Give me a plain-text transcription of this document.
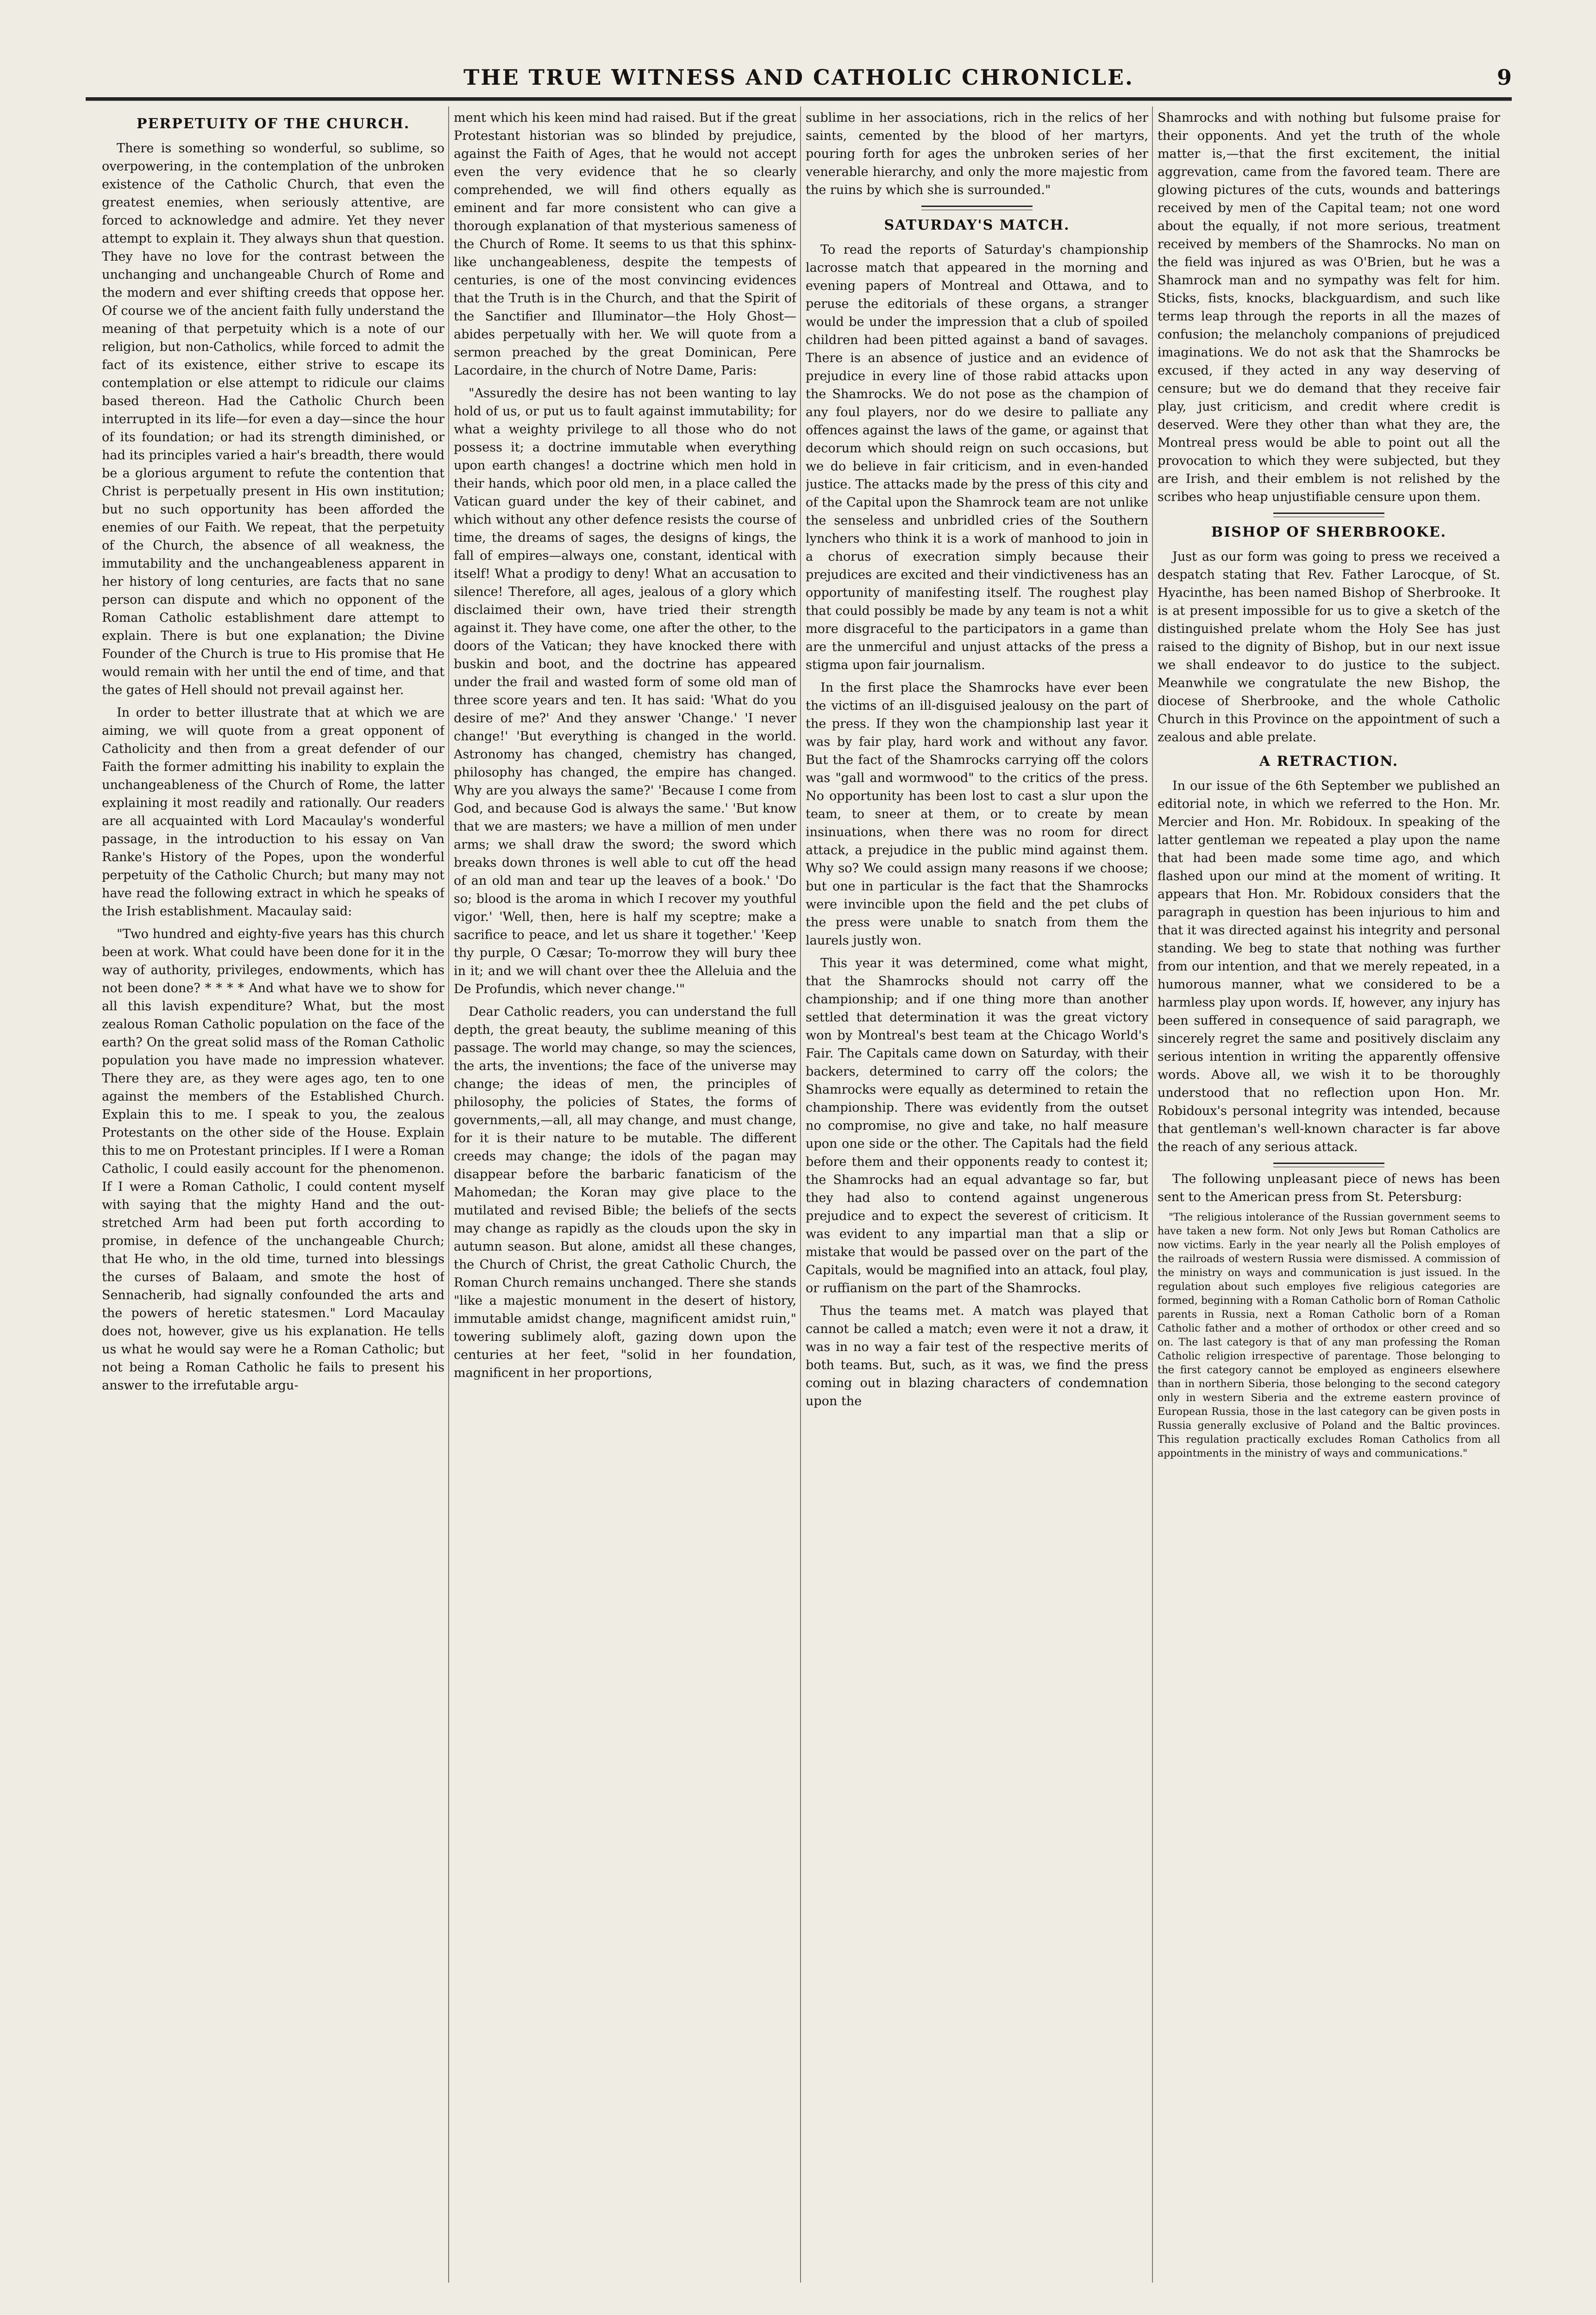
THE TRUE WITNESS AND CATHOLIC CHRONICLE.	9
PERPETUITY OF THE CHURCH.

There is something so wonderful, so sublime, so overpowering, in the contemplation of the unbroken existence of the Catholic Church, that even the greatest enemies, when seriously attentive, are forced to acknowledge and admire. Yet they never attempt to explain it. They always shun that question. They have no love for the contrast between the unchanging and unchangeable Church of Rome and the modern and ever shifting creeds that oppose her. Of course we of the ancient faith fully understand the meaning of that perpetuity which is a note of our religion, but non-Catholics, while forced to admit the fact of its existence, either strive to escape its contemplation or else attempt to ridicule our claims based thereon. Had the Catholic Church been interrupted in its life—for even a day—since the hour of its foundation; or had its strength diminished, or had its principles varied a hair's breadth, there would be a glorious argument to refute the contention that Christ is perpetually present in His own institution; but no such opportunity has been afforded the enemies of our Faith. We repeat, that the perpetuity of the Church, the absence of all weakness, the immutability and the unchangeableness apparent in her history of long centuries, are facts that no sane person can dispute and which no opponent of the Roman Catholic establishment dare attempt to explain. There is but one explanation; the Divine Founder of the Church is true to His promise that He would remain with her until the end of time, and that the gates of Hell should not prevail against her.

In order to better illustrate that at which we are aiming, we will quote from a great opponent of Catholicity and then from a great defender of our Faith the former admitting his inability to explain the unchangeableness of the Church of Rome, the latter explaining it most readily and rationally. Our readers are all acquainted with Lord Macaulay's wonderful passage, in the introduction to his essay on Van Ranke's History of the Popes, upon the wonderful perpetuity of the Catholic Church; but many may not have read the following extract in which he speaks of the Irish establishment. Macaulay said:

"Two hundred and eighty-five years has this church been at work. What could have been done for it in the way of authority, privileges, endowments, which has not been done? * * * * And what have we to show for all this lavish expenditure? What, but the most zealous Roman Catholic population on the face of the earth? On the great solid mass of the Roman Catholic population you have made no impression whatever. There they are, as they were ages ago, ten to one against the members of the Established Church. Explain this to me. I speak to you, the zealous Protestants on the other side of the House. Explain this to me on Protestant principles. If I were a Roman Catholic, I could easily account for the phenomenon. If I were a Roman Catholic, I could content myself with saying that the mighty Hand and the out-stretched Arm had been put forth according to promise, in defence of the unchangeable Church; that He who, in the old time, turned into blessings the curses of Balaam, and smote the host of Sennacherib, had signally confounded the arts and the powers of heretic statesmen." Lord Macaulay does not, however, give us his explanation. He tells us what he would say were he a Roman Catholic; but not being a Roman Catholic he fails to present his answer to the irrefutable argu-

ment which his keen mind had raised. But if the great Protestant historian was so blinded by prejudice, against the Faith of Ages, that he would not accept even the very evidence that he so clearly comprehended, we will find others equally as eminent and far more consistent who can give a thorough explanation of that mysterious sameness of the Church of Rome. It seems to us that this sphinx-like unchangeableness, despite the tempests of centuries, is one of the most convincing evidences that the Truth is in the Church, and that the Spirit of the Sanctifier and Illuminator—the Holy Ghost—abides perpetually with her. We will quote from a sermon preached by the great Dominican, Pere Lacordaire, in the church of Notre Dame, Paris:

"Assuredly the desire has not been wanting to lay hold of us, or put us to fault against immutability; for what a weighty privilege to all those who do not possess it; a doctrine immutable when everything upon earth changes! a doctrine which men hold in their hands, which poor old men, in a place called the Vatican guard under the key of their cabinet, and which without any other defence resists the course of time, the dreams of sages, the designs of kings, the fall of empires—always one, constant, identical with itself! What a prodigy to deny! What an accusation to silence! Therefore, all ages, jealous of a glory which disclaimed their own, have tried their strength against it. They have come, one after the other, to the doors of the Vatican; they have knocked there with buskin and boot, and the doctrine has appeared under the frail and wasted form of some old man of three score years and ten. It has said: 'What do you desire of me?' And they answer 'Change.' 'I never change!' 'But everything is changed in the world. Astronomy has changed, chemistry has changed, philosophy has changed, the empire has changed. Why are you always the same?' 'Because I come from God, and because God is always the same.' 'But know that we are masters; we have a million of men under arms; we shall draw the sword; the sword which breaks down thrones is well able to cut off the head of an old man and tear up the leaves of a book.' 'Do so; blood is the aroma in which I recover my youthful vigor.' 'Well, then, here is half my sceptre; make a sacrifice to peace, and let us share it together.' 'Keep thy purple, O Cæsar; To-morrow they will bury thee in it; and we will chant over thee the Alleluia and the De Profundis, which never change.'"

Dear Catholic readers, you can understand the full depth, the great beauty, the sublime meaning of this passage. The world may change, so may the sciences, the arts, the inventions; the face of the universe may change; the ideas of men, the principles of philosophy, the policies of States, the forms of governments,—all, all may change, and must change, for it is their nature to be mutable. The different creeds may change; the idols of the pagan may disappear before the barbaric fanaticism of the Mahomedan; the Koran may give place to the mutilated and revised Bible; the beliefs of the sects may change as rapidly as the clouds upon the sky in autumn season. But alone, amidst all these changes, the Church of Christ, the great Catholic Church, the Roman Church remains unchanged. There she stands "like a majestic monument in the desert of history, immutable amidst change, magnificent amidst ruin," towering sublimely aloft, gazing down upon the centuries at her feet, "solid in her foundation, magnificent in her proportions,

sublime in her associations, rich in the relics of her saints, cemented by the blood of her martyrs, pouring forth for ages the unbroken series of her venerable hierarchy, and only the more majestic from the ruins by which she is surrounded."

SATURDAY'S MATCH.

To read the reports of Saturday's championship lacrosse match that appeared in the morning and evening papers of Montreal and Ottawa, and to peruse the editorials of these organs, a stranger would be under the impression that a club of spoiled children had been pitted against a band of savages. There is an absence of justice and an evidence of prejudice in every line of those rabid attacks upon the Shamrocks. We do not pose as the champion of any foul players, nor do we desire to palliate any offences against the laws of the game, or against that decorum which should reign on such occasions, but we do believe in fair criticism, and in even-handed justice. The attacks made by the press of this city and of the Capital upon the Shamrock team are not unlike the senseless and unbridled cries of the Southern lynchers who think it is a work of manhood to join in a chorus of execration simply because their prejudices are excited and their vindictiveness has an opportunity of manifesting itself. The roughest play that could possibly be made by any team is not a whit more disgraceful to the participators in a game than are the unmerciful and unjust attacks of the press a stigma upon fair journalism.

In the first place the Shamrocks have ever been the victims of an ill-disguised jealousy on the part of the press. If they won the championship last year it was by fair play, hard work and without any favor. But the fact of the Shamrocks carrying off the colors was "gall and wormwood" to the critics of the press. No opportunity has been lost to cast a slur upon the team, to sneer at them, or to create by mean insinuations, when there was no room for direct attack, a prejudice in the public mind against them. Why so? We could assign many reasons if we choose; but one in particular is the fact that the Shamrocks were invincible upon the field and the pet clubs of the press were unable to snatch from them the laurels justly won.

This year it was determined, come what might, that the Shamrocks should not carry off the championship; and if one thing more than another settled that determination it was the great victory won by Montreal's best team at the Chicago World's Fair. The Capitals came down on Saturday, with their backers, determined to carry off the colors; the Shamrocks were equally as determined to retain the championship. There was evidently from the outset no compromise, no give and take, no half measure upon one side or the other. The Capitals had the field before them and their opponents ready to contest it; the Shamrocks had an equal advantage so far, but they had also to contend against ungenerous prejudice and to expect the severest of criticism. It was evident to any impartial man that a slip or mistake that would be passed over on the part of the Capitals, would be magnified into an attack, foul play, or ruffianism on the part of the Shamrocks.

Thus the teams met. A match was played that cannot be called a match; even were it not a draw, it was in no way a fair test of the respective merits of both teams. But, such, as it was, we find the press coming out in blazing characters of condemnation upon the

Shamrocks and with nothing but fulsome praise for their opponents. And yet the truth of the whole matter is,—that the first excitement, the initial aggrevation, came from the favored team. There are glowing pictures of the cuts, wounds and batterings received by men of the Capital team; not one word about the equally, if not more serious, treatment received by members of the Shamrocks. No man on the field was injured as was O'Brien, but he was a Shamrock man and no sympathy was felt for him. Sticks, fists, knocks, blackguardism, and such like terms leap through the reports in all the mazes of confusion; the melancholy companions of prejudiced imaginations. We do not ask that the Shamrocks be excused, if they acted in any way deserving of censure; but we do demand that they receive fair play, just criticism, and credit where credit is deserved. Were they other than what they are, the Montreal press would be able to point out all the provocation to which they were subjected, but they are Irish, and their emblem is not relished by the scribes who heap unjustifiable censure upon them.

BISHOP OF SHERBROOKE.

Just as our form was going to press we received a despatch stating that Rev. Father Larocque, of St. Hyacinthe, has been named Bishop of Sherbrooke. It is at present impossible for us to give a sketch of the distinguished prelate whom the Holy See has just raised to the dignity of Bishop, but in our next issue we shall endeavor to do justice to the subject. Meanwhile we congratulate the new Bishop, the diocese of Sherbrooke, and the whole Catholic Church in this Province on the appointment of such a zealous and able prelate.

A RETRACTION.

In our issue of the 6th September we published an editorial note, in which we referred to the Hon. Mr. Mercier and Hon. Mr. Robidoux. In speaking of the latter gentleman we repeated a play upon the name that had been made some time ago, and which flashed upon our mind at the moment of writing. It appears that Hon. Mr. Robidoux considers that the paragraph in question has been injurious to him and that it was directed against his integrity and personal standing. We beg to state that nothing was further from our intention, and that we merely repeated, in a humorous manner, what we considered to be a harmless play upon words. If, however, any injury has been suffered in consequence of said paragraph, we sincerely regret the same and positively disclaim any serious intention in writing the apparently offensive words. Above all, we wish it to be thoroughly understood that no reflection upon Hon. Mr. Robidoux's personal integrity was intended, because that gentleman's well-known character is far above the reach of any serious attack.

The following unpleasant piece of news has been sent to the American press from St. Petersburg:

"The religious intolerance of the Russian government seems to have taken a new form. Not only Jews but Roman Catholics are now victims. Early in the year nearly all the Polish employes of the railroads of western Russia were dismissed. A commission of the ministry on ways and communication is just issued. In the regulation about such employes five religious categories are formed, beginning with a Roman Catholic born of Roman Catholic parents in Russia, next a Roman Catholic born of a Roman Catholic father and a mother of orthodox or other creed and so on. The last category is that of any man professing the Roman Catholic religion irrespective of parentage. Those belonging to the first category cannot be employed as engineers elsewhere than in northern Siberia, those belonging to the second category only in western Siberia and the extreme eastern province of European Russia, those in the last category can be given posts in Russia generally exclusive of Poland and the Baltic provinces. This regulation practically excludes Roman Catholics from all appointments in the ministry of ways and communications."
